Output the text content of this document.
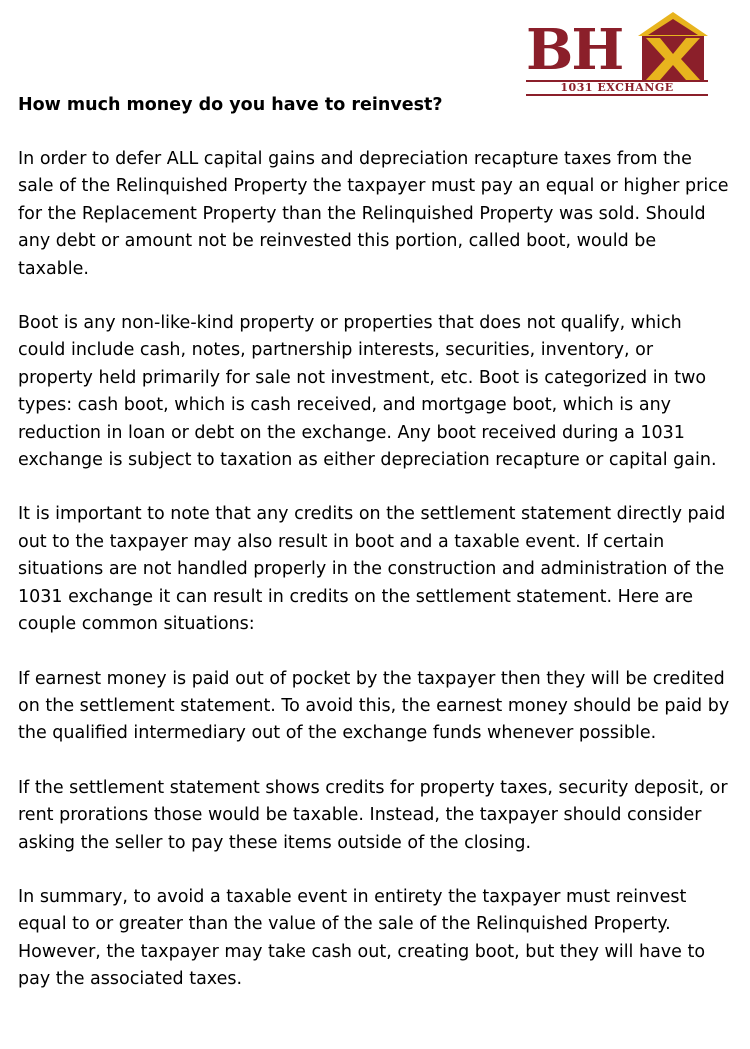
BH
1031 EXCHANGE

How much money do you have to reinvest?

In order to defer ALL capital gains and depreciation recapture taxes from the sale of the Relinquished Property the taxpayer must pay an equal or higher price for the Replacement Property than the Relinquished Property was sold. Should any debt or amount not be reinvested this portion, called boot, would be taxable.

Boot is any non-like-kind property or properties that does not qualify, which could include cash, notes, partnership interests, securities, inventory, or property held primarily for sale not investment, etc. Boot is categorized in two types: cash boot, which is cash received, and mortgage boot, which is any reduction in loan or debt on the exchange. Any boot received during a 1031 exchange is subject to taxation as either depreciation recapture or capital gain.

It is important to note that any credits on the settlement statement directly paid out to the taxpayer may also result in boot and a taxable event. If certain situations are not handled properly in the construction and administration of the 1031 exchange it can result in credits on the settlement statement. Here are couple common situations:

If earnest money is paid out of pocket by the taxpayer then they will be credited on the settlement statement. To avoid this, the earnest money should be paid by the qualified intermediary out of the exchange funds whenever possible.

If the settlement statement shows credits for property taxes, security deposit, or rent prorations those would be taxable. Instead, the taxpayer should consider asking the seller to pay these items outside of the closing.

In summary, to avoid a taxable event in entirety the taxpayer must reinvest equal to or greater than the value of the sale of the Relinquished Property. However, the taxpayer may take cash out, creating boot, but they will have to pay the associated taxes.
